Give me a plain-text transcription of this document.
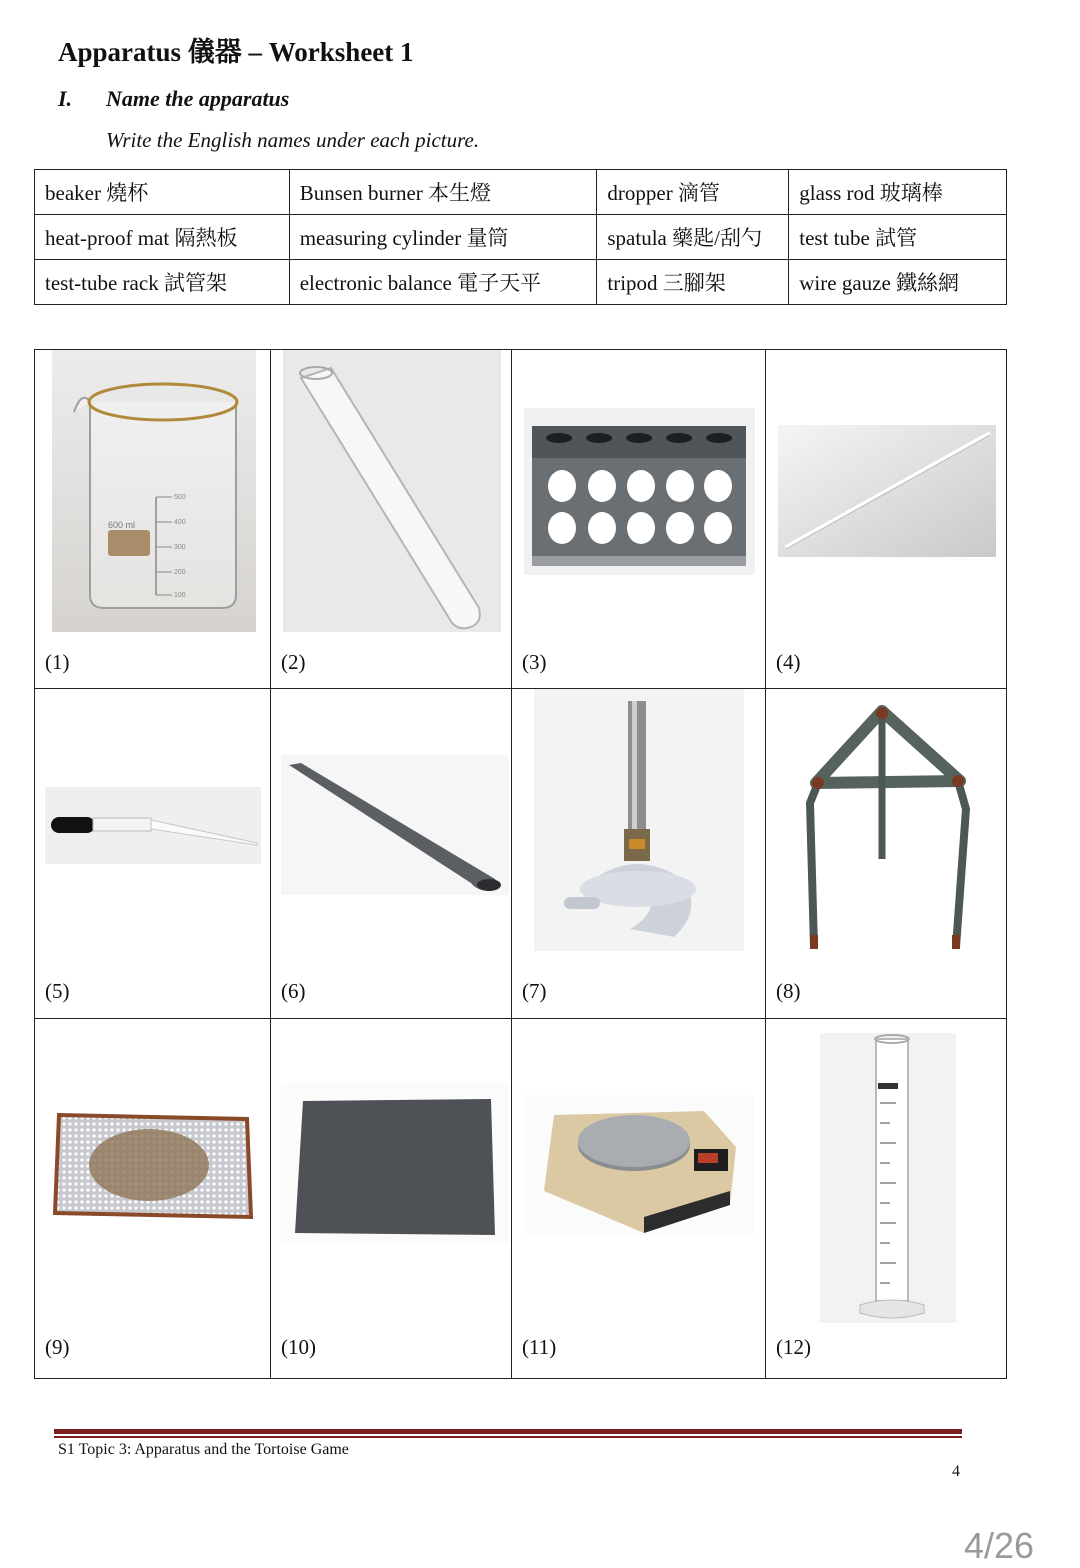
Apparatus 儀器 – Worksheet 1
I. Name the apparatus
Write the English names under each picture.
beaker 燒杯	Bunsen burner 本生燈	dropper 滴管	glass rod 玻璃棒
heat-proof mat 隔熱板	measuring cylinder 量筒	spatula 藥匙/刮勺	test tube 試管
test-tube rack 試管架	electronic balance 電子天平	tripod 三腳架	wire gauze 鐵絲網
600 ml
500
400
300
200
100
(1)	(2)	(3)	(4)
(5)	(6)	(7)	(8)
(9)	(10)	(11)	(12)
S1 Topic 3: Apparatus and the Tortoise Game
4
4/26
